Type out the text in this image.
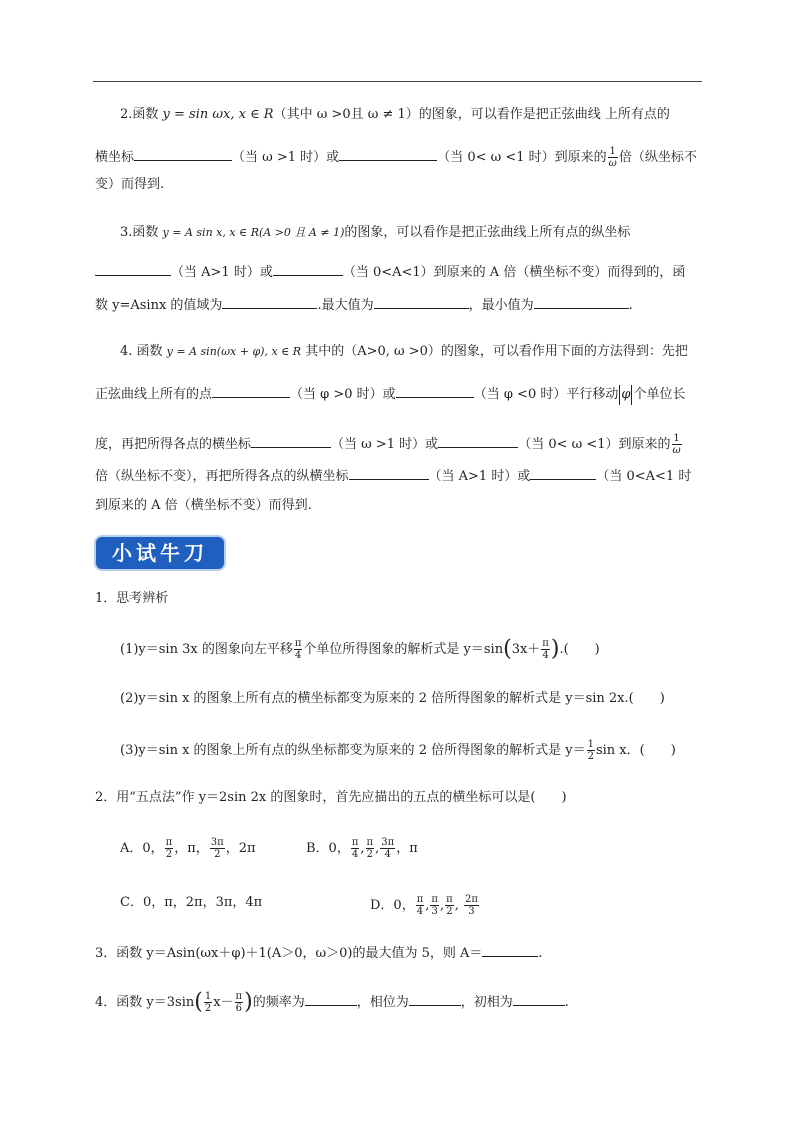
2.函数 y = sin ωx, x ∈ R（其中 ω >0且 ω ≠ 1）的图象，可以看作是把正弦曲线 上所有点的
横坐标	（当 ω >1 时）或	（当 0< ω <1 时）到原来的 $\frac{1}{\omega}$ 倍（纵坐标不
变）而得到.
3.函数 y = A sin x, x ∈ R(A >0 且 A ≠ 1)的图象，可以看作是把正弦曲线上所有点的纵坐标
（当 A>1 时）或	（当 0<A<1）到原来的 A 倍（横坐标不变）而得到的，函
数 y=Asinx 的值域为	.最大值为	，最小值为	.
4. 函数 y = A sin(ωx + φ), x ∈ R 其中的（A>0, ω >0）的图象，可以看作用下面的方法得到：先把
正弦曲线上所有的点	（当 φ >0 时）或	（当 φ <0 时）平行移动 φ 个单位长
度，再把所得各点的横坐标	（当 ω >1 时）或	（当 0< ω <1）到原来的 $\frac{1}{\omega}$
倍（纵坐标不变），再把所得各点的纵横坐标	（当 A>1 时）或	（当 0<A<1 时
到原来的 A 倍（横坐标不变）而得到.
小试牛刀
1．思考辨析
(1)y＝sin 3x 的图象向左平移 $\frac{\pi}{4}$ 个单位所得图象的解析式是 $y=\sin(3x+ \frac{\pi}{4}$ ).(　　)
(2)y＝sin x 的图象上所有点的横坐标都变为原来的 2 倍所得图象的解析式是 y＝sin 2x.(　　)
(3)y＝sin x 的图象上所有点的纵坐标都变为原来的 2 倍所得图象的解析式是 $y= \frac{1}{2}$ sin x．(　　)
2．用“五点法”作 y＝2sin 2x 的图象时，首先应描出的五点的横坐标可以是(　　)
A．0， $\frac{\pi}{2}$ ，π， $\frac{3\pi}{2}$ ，2π	B．0， $\frac{\pi}{4}$ , $\frac{\pi}{2}$ , $\frac{3\pi}{4}$ ，π
C．0，π，2π，3π，4π	D．0， $\frac{\pi}{4}$ , $\frac{\pi}{3}$ , $\frac{\pi}{2}$ , $\frac{2\pi}{3}$
3．函数 y＝Asin(ωx＋φ)＋1(A＞0，ω＞0)的最大值为 5，则 A＝	.
4．函数 $y=3\sin( \frac{1}{2} x- \frac{\pi}{6}$ )的频率为	，相位为	，初相为	.
